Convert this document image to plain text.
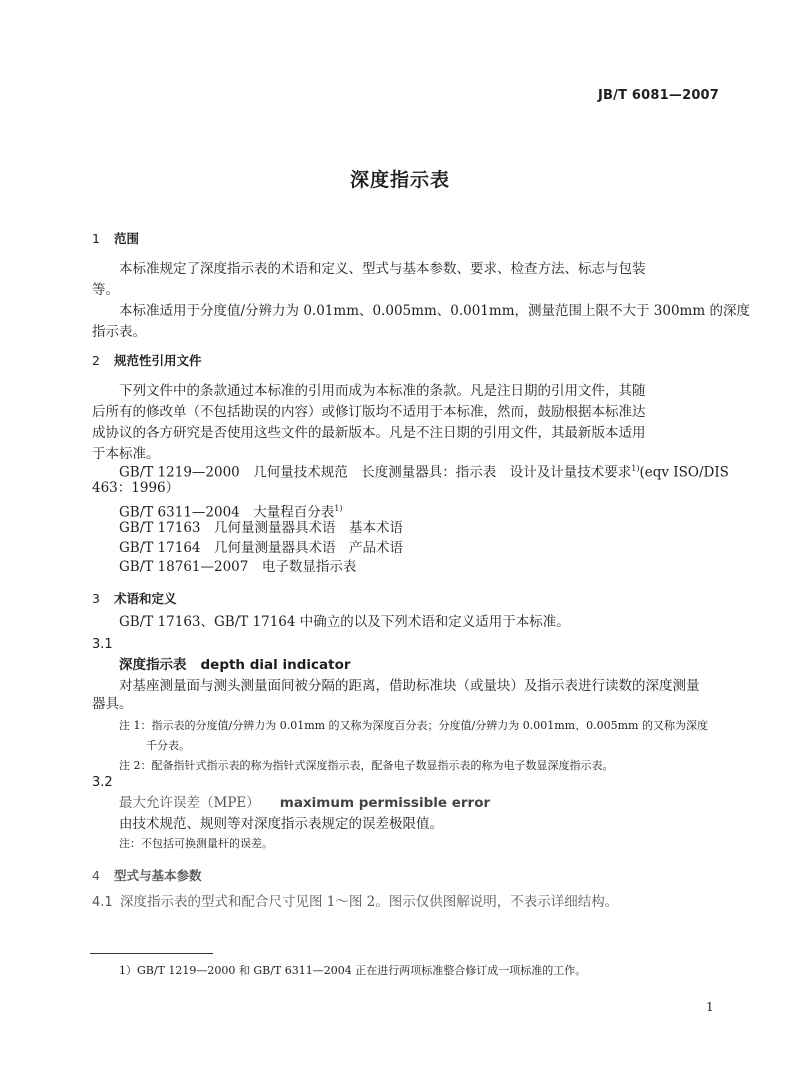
JB/T 6081—2007
深度指示表
1 范围
本标准规定了深度指示表的术语和定义、型式与基本参数、要求、检查方法、标志与包装
等。
本标准适用于分度值/分辨力为 0.01mm、0.005mm、0.001mm，测量范围上限不大于 300mm 的深度
指示表。
2 规范性引用文件
下列文件中的条款通过本标准的引用而成为本标准的条款。凡是注日期的引用文件，其随
后所有的修改单（不包括勘误的内容）或修订版均不适用于本标准，然而，鼓励根据本标准达
成协议的各方研究是否使用这些文件的最新版本。凡是不注日期的引用文件，其最新版本适用
于本标准。
GB/T 1219—2000　几何量技术规范　长度测量器具：指示表　设计及计量技术要求$^{1)}$(eqv ISO/DIS
463：1996）
GB/T 6311—2004　大量程百分表$^{1)}$
GB/T 17163　几何量测量器具术语　基本术语
GB/T 17164　几何量测量器具术语　产品术语
GB/T 18761—2007　电子数显指示表
3 术语和定义
GB/T 17163、GB/T 17164 中确立的以及下列术语和定义适用于本标准。
3.1
深度指示表 depth dial indicator
对基座测量面与测头测量面间被分隔的距离，借助标准块（或量块）及指示表进行读数的深度测量
器具。
注 1：指示表的分度值/分辨力为 0.01mm 的又称为深度百分表；分度值/分辨力为 0.001mm、0.005mm 的又称为深度
千分表。
注 2：配备指针式指示表的称为指针式深度指示表，配备电子数显指示表的称为电子数显深度指示表。
3.2
最大允许误差（MPE） maximum permissible error
由技术规范、规则等对深度指示表规定的误差极限值。
注：不包括可换测量杆的误差。
4 型式与基本参数
4.1 深度指示表的型式和配合尺寸见图 1～图 2。图示仅供图解说明，不表示详细结构。
1）GB/T 1219—2000 和 GB/T 6311—2004 正在进行两项标准整合修订成一项标准的工作。
1
